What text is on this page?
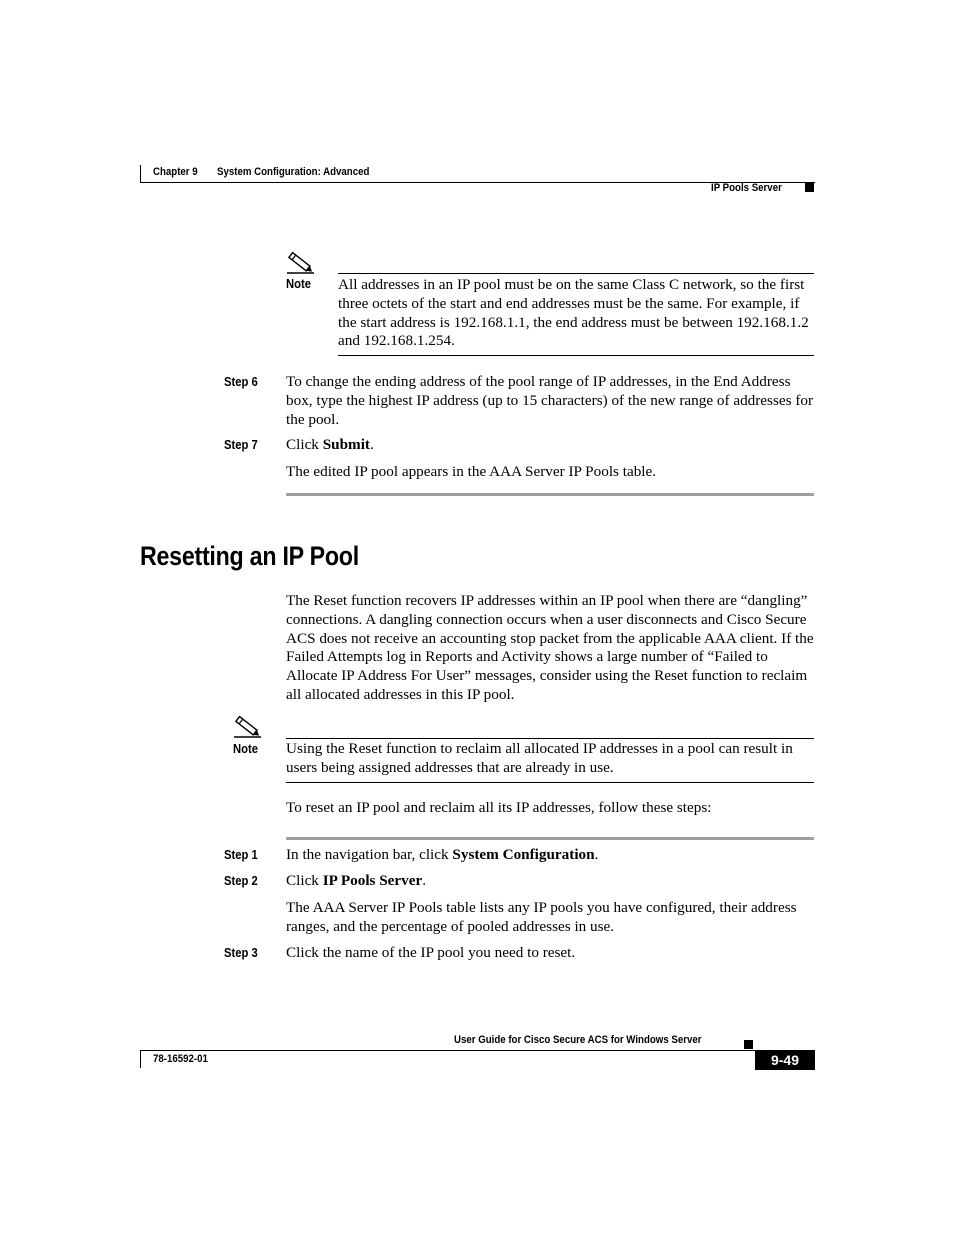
Chapter 9 System Configuration: Advanced
IP Pools Server
Note All addresses in an IP pool must be on the same Class C network, so the first three octets of the start and end addresses must be the same. For example, if the start address is 192.168.1.1, the end address must be between 192.168.1.2 and 192.168.1.254.
Step 6 To change the ending address of the pool range of IP addresses, in the End Address box, type the highest IP address (up to 15 characters) of the new range of addresses for the pool.
Step 7 Click Submit.
The edited IP pool appears in the AAA Server IP Pools table.
Resetting an IP Pool
The Reset function recovers IP addresses within an IP pool when there are “dangling” connections. A dangling connection occurs when a user disconnects and Cisco Secure ACS does not receive an accounting stop packet from the applicable AAA client. If the Failed Attempts log in Reports and Activity shows a large number of “Failed to Allocate IP Address For User” messages, consider using the Reset function to reclaim all allocated addresses in this IP pool.
Note Using the Reset function to reclaim all allocated IP addresses in a pool can result in users being assigned addresses that are already in use.
To reset an IP pool and reclaim all its IP addresses, follow these steps:
Step 1 In the navigation bar, click System Configuration.
Step 2 Click IP Pools Server.
The AAA Server IP Pools table lists any IP pools you have configured, their address ranges, and the percentage of pooled addresses in use.
Step 3 Click the name of the IP pool you need to reset.
User Guide for Cisco Secure ACS for Windows Server
78-16592-01	9-49
